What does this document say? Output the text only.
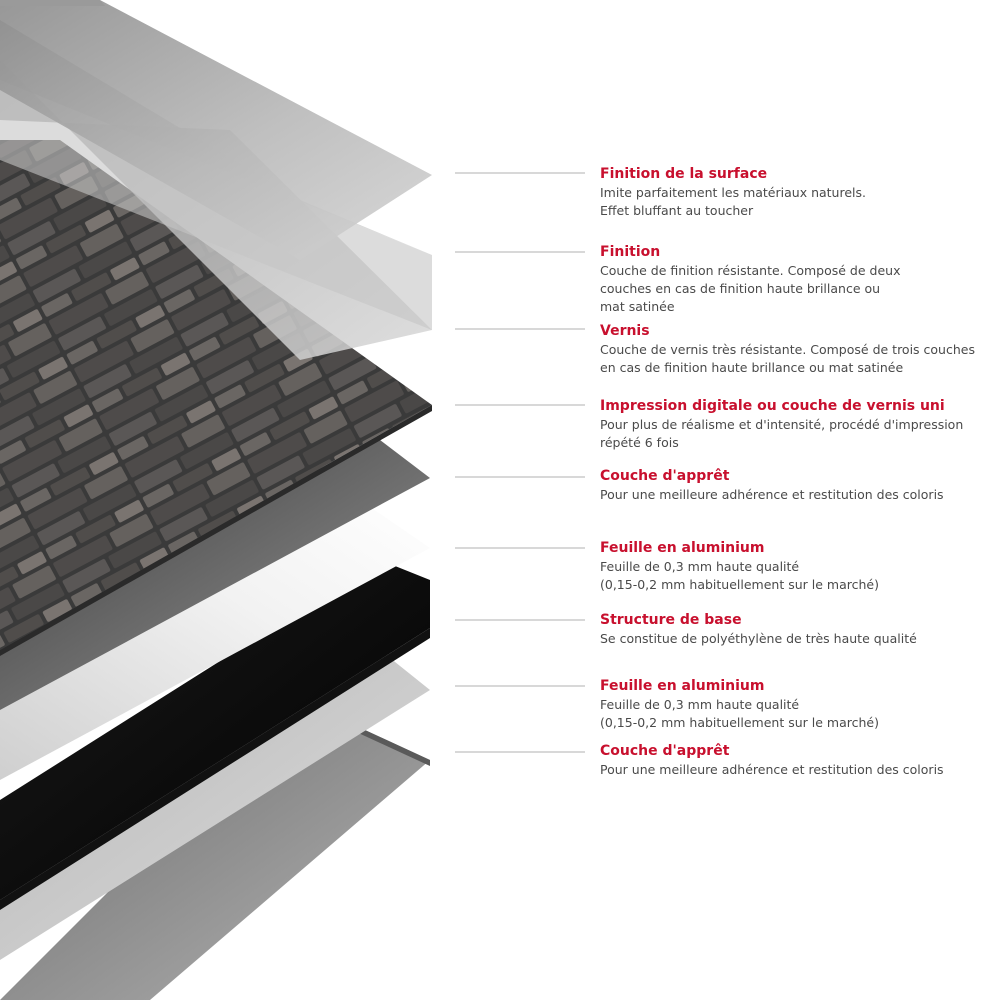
Finition de la surface
Imite parfaitement les matériaux naturels.
Effet bluffant au toucher
Finition
Couche de finition résistante. Composé de deux
couches en cas de finition haute brillance ou
mat satinée
Vernis
Couche de vernis très résistante. Composé de trois couches
en cas de finition haute brillance ou mat satinée
Impression digitale ou couche de vernis uni
Pour plus de réalisme et d'intensité, procédé d'impression
répété 6 fois
Couche d'apprêt
Pour une meilleure adhérence et restitution des coloris
Feuille en aluminium
Feuille de 0,3 mm haute qualité
(0,15-0,2 mm habituellement sur le marché)
Structure de base
Se constitue de polyéthylène de très haute qualité
Feuille en aluminium
Feuille de 0,3 mm haute qualité
(0,15-0,2 mm habituellement sur le marché)
Couche d'apprêt
Pour une meilleure adhérence et restitution des coloris
